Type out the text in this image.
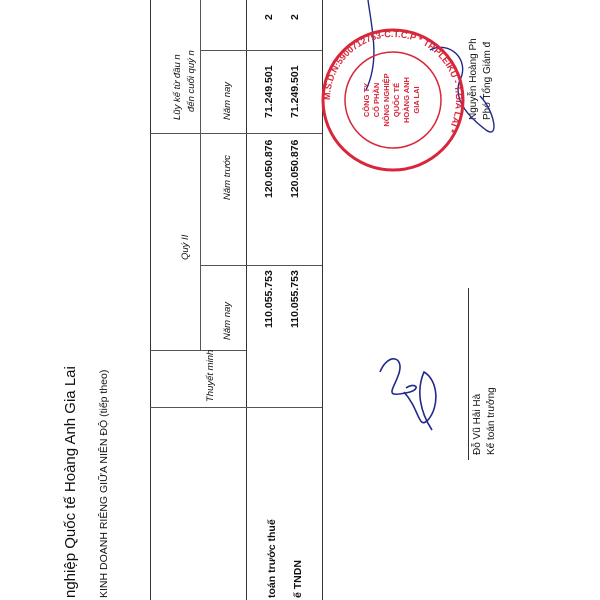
nghiệp Quốc tế Hoàng Anh Gia Lai KINH DOANH RIÊNG GIỮA NIÊN ĐỘ (tiếp theo)	Thuyết minh
Quý II
Năm nay
Năm trước
Lũy kế từ đầu n đến cuối quý n	Năm nay
toán trước thuế
110.055.753
120.050.876
71.249.501
2
ế TNDN
110.055.753
120.050.876
71.249.501
2
Đỗ Vũ Hải Hà Kế toán trưởng
Nguyễn Hoàng Ph Phó Tổng Giám đ
M.S.D.N:5900712753-C.T.C.P * TP.PLEIKU - T.GIA LAI *
CÔNG TY CỔ PHẦN NÔNG NGHIỆP QUỐC TẾ HOÀNG ANH GIA LAI
